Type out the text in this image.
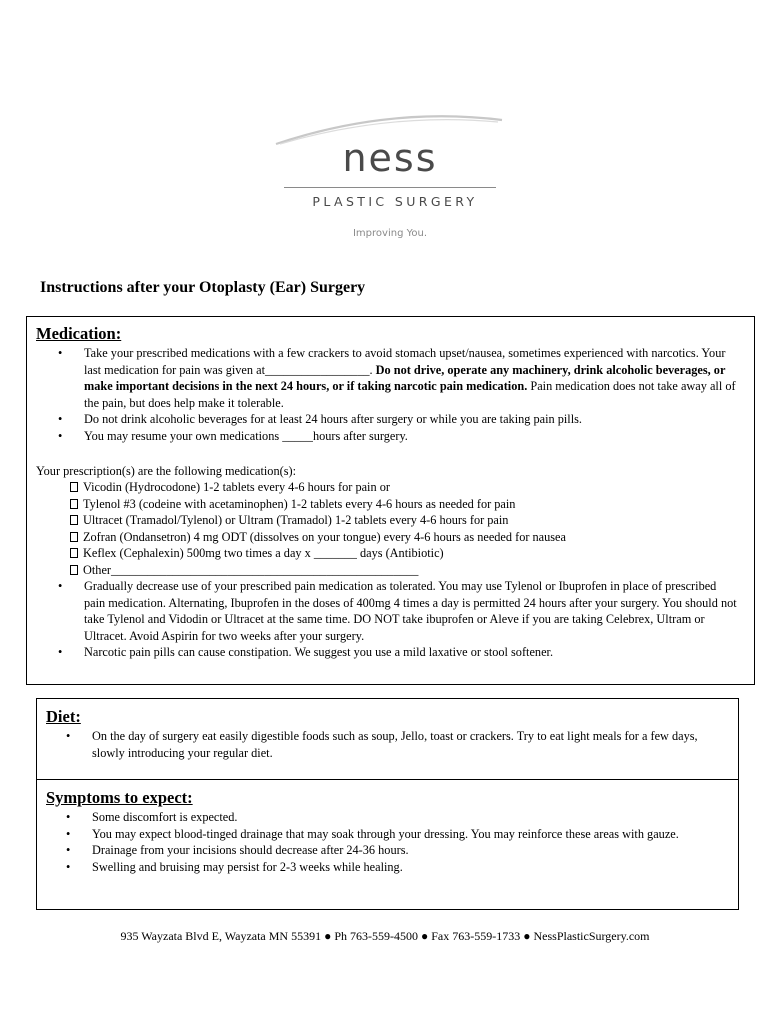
ness
PLASTIC SURGERY
Improving You.
Instructions after your Otoplasty (Ear) Surgery
Medication:
•	Take your prescribed medications with a few crackers to avoid stomach upset/nausea, sometimes experienced with narcotics. Your last medication for pain was given at_________________. Do not drive, operate any machinery, drink alcoholic beverages, or make important decisions in the next 24 hours, or if taking narcotic pain medication. Pain medication does not take away all of the pain, but does help make it tolerable.
•	Do not drink alcoholic beverages for at least 24 hours after surgery or while you are taking pain pills.
•	You may resume your own medications _____hours after surgery.
Your prescription(s) are the following medication(s):
Vicodin (Hydrocodone) 1-2 tablets every 4-6 hours for pain or
Tylenol #3 (codeine with acetaminophen) 1-2 tablets every 4-6 hours as needed for pain
Ultracet (Tramadol/Tylenol) or Ultram (Tramadol) 1-2 tablets every 4-6 hours for pain
Zofran (Ondansetron) 4 mg ODT (dissolves on your tongue) every 4-6 hours as needed for nausea
Keflex (Cephalexin) 500mg two times a day x _______ days (Antibiotic)
Other__________________________________________________
•	Gradually decrease use of your prescribed pain medication as tolerated. You may use Tylenol or Ibuprofen in place of prescribed pain medication. Alternating, Ibuprofen in the doses of 400mg 4 times a day is permitted 24 hours after your surgery. You should not take Tylenol and Vidodin or Ultracet at the same time. DO NOT take ibuprofen or Aleve if you are taking Celebrex, Ultram or Ultracet. Avoid Aspirin for two weeks after your surgery.
•	Narcotic pain pills can cause constipation. We suggest you use a mild laxative or stool softener.
Diet:
•	On the day of surgery eat easily digestible foods such as soup, Jello, toast or crackers. Try to eat light meals for a few days, slowly introducing your regular diet.
Symptoms to expect:
•	Some discomfort is expected.
•	You may expect blood-tinged drainage that may soak through your dressing. You may reinforce these areas with gauze.
•	Drainage from your incisions should decrease after 24-36 hours.
•	Swelling and bruising may persist for 2-3 weeks while healing.
935 Wayzata Blvd E, Wayzata MN 55391 ● Ph 763-559-4500 ● Fax 763-559-1733 ● NessPlasticSurgery.com
